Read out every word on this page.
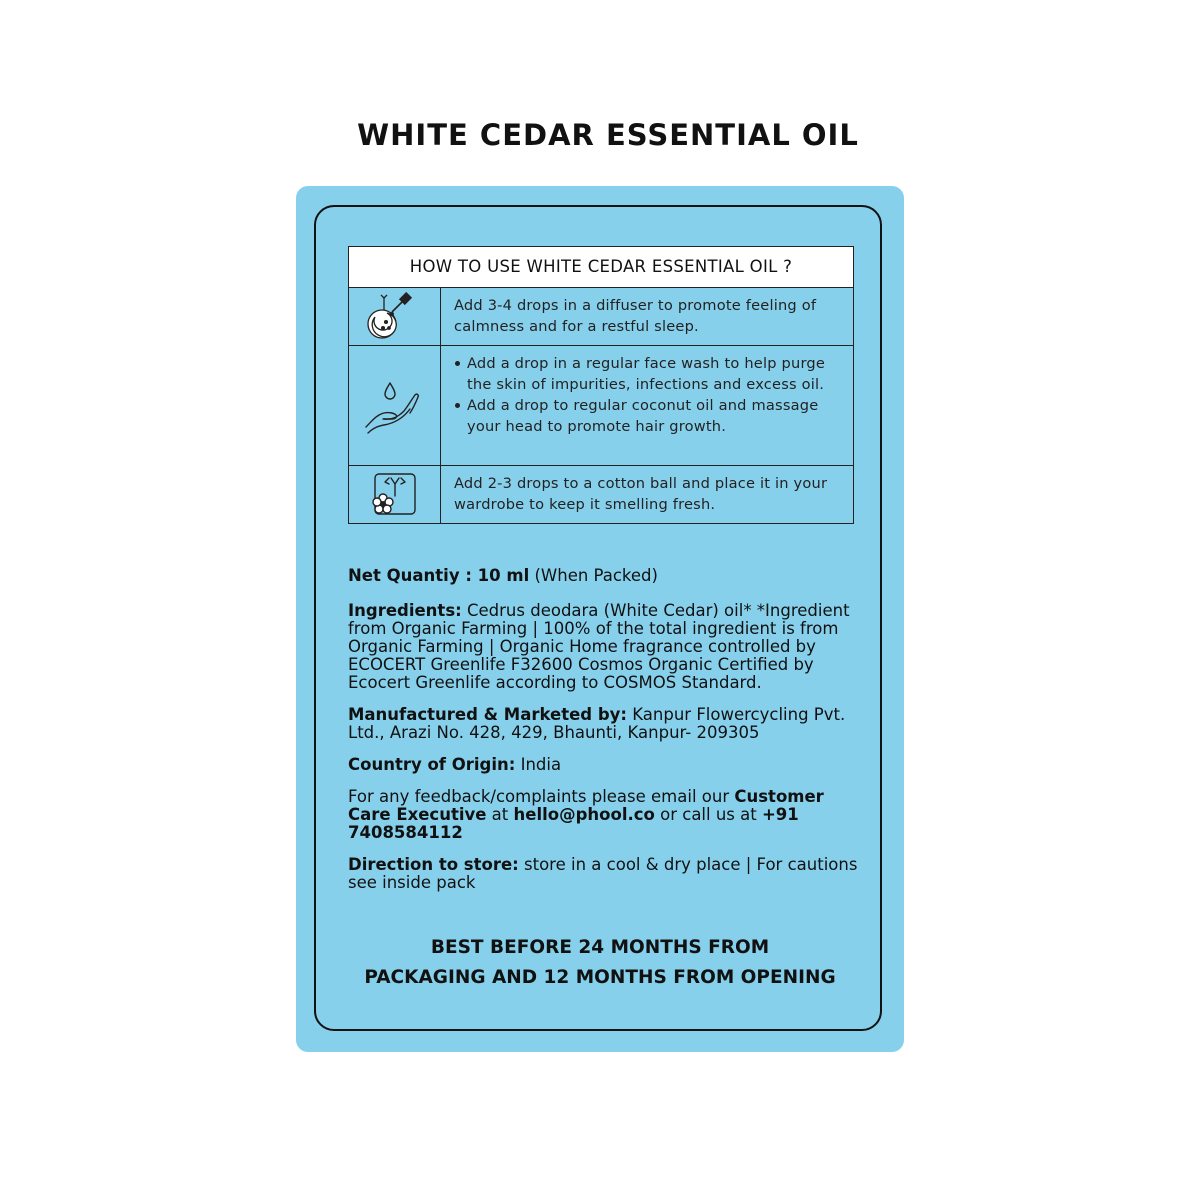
WHITE CEDAR ESSENTIAL OIL
HOW TO USE WHITE CEDAR ESSENTIAL OIL ?
Add 3-4 drops in a diffuser to promote feeling of calmness and for a restful sleep.
Add a drop in a regular face wash to help purge the skin of impurities, infections and excess oil.
Add a drop to regular coconut oil and massage your head to promote hair growth.
Add 2-3 drops to a cotton ball and place it in your wardrobe to keep it smelling fresh.

Net Quantiy : 10 ml (When Packed)

Ingredients: Cedrus deodara (White Cedar) oil* *Ingredient from Organic Farming | 100% of the total ingredient is from Organic Farming | Organic Home fragrance controlled by ECOCERT Greenlife F32600 Cosmos Organic Certified by Ecocert Greenlife according to COSMOS Standard.

Manufactured & Marketed by: Kanpur Flowercycling Pvt. Ltd., Arazi No. 428, 429, Bhaunti, Kanpur- 209305

Country of Origin: India

For any feedback/complaints please email our Customer Care Executive at hello@phool.co or call us at +91 7408584112

Direction to store: store in a cool & dry place | For cautions see inside pack

BEST BEFORE 24 MONTHS FROM
PACKAGING AND 12 MONTHS FROM OPENING
